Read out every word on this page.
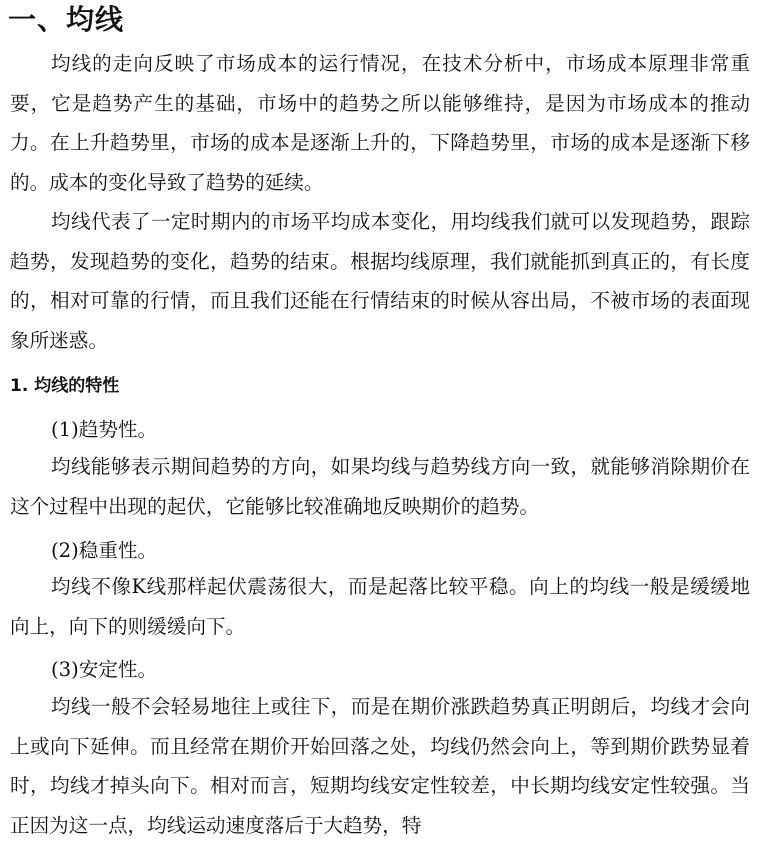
一、均线

均线的走向反映了市场成本的运行情况，在技术分析中，市场成本原理非常重要，它是趋势产生的基础，市场中的趋势之所以能够维持，是因为市场成本的推动力。在上升趋势里，市场的成本是逐渐上升的，下降趋势里，市场的成本是逐渐下移的。成本的变化导致了趋势的延续。

均线代表了一定时期内的市场平均成本变化，用均线我们就可以发现趋势，跟踪趋势，发现趋势的变化，趋势的结束。根据均线原理，我们就能抓到真正的，有长度的，相对可靠的行情，而且我们还能在行情结束的时候从容出局，不被市场的表面现象所迷惑。

1. 均线的特性
(1)趋势性。

均线能够表示期间趋势的方向，如果均线与趋势线方向一致，就能够消除期价在这个过程中出现的起伏，它能够比较准确地反映期价的趋势。

(2)稳重性。

均线不像K线那样起伏震荡很大，而是起落比较平稳。向上的均线一般是缓缓地向上，向下的则缓缓向下。

(3)安定性。

均线一般不会轻易地往上或往下，而是在期价涨跌趋势真正明朗后，均线才会向上或向下延伸。而且经常在期价开始回落之处，均线仍然会向上，等到期价跌势显着时，均线才掉头向下。相对而言，短期均线安定性较差，中长期均线安定性较强。当正因为这一点，均线运动速度落后于大趋势，特
